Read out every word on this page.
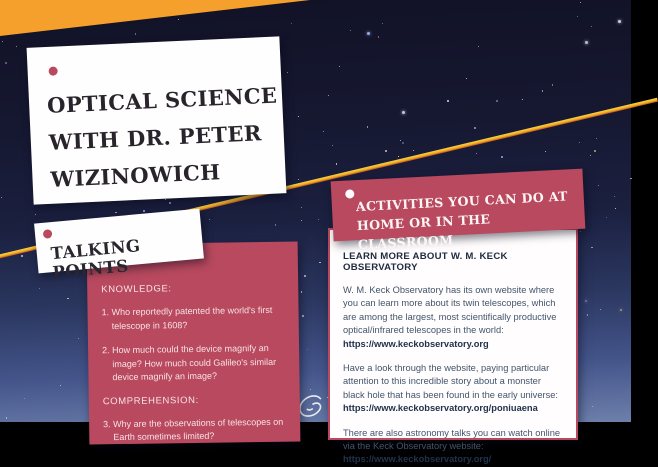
OPTICAL SCIENCE
WITH DR. PETER
WIZINOWICH
KNOWLEDGE:
1. Who reportedly patented the world's first telescope in 1608?
2. How much could the device magnify an image? How much could Galileo's similar device magnify an image?
COMPREHENSION:
3. Why are the observations of telescopes on Earth sometimes limited?
TALKING POINTS	LEARN MORE ABOUT W. M. KECK OBSERVATORY

W. M. Keck Observatory has its own website where you can learn more about its twin telescopes, which are among the largest, most scientifically productive optical/infrared telescopes in the world:
https://www.keckobservatory.org

Have a look through the website, paying particular attention to this incredible story about a monster black hole that has been found in the early universe: https://www.keckobservatory.org/poniuaena

There are also astronomy talks you can watch online via the Keck Observatory website:
https://www.keckobservatory.org/

ACTIVITIES YOU CAN DO AT
HOME OR IN THE CLASSROOM
